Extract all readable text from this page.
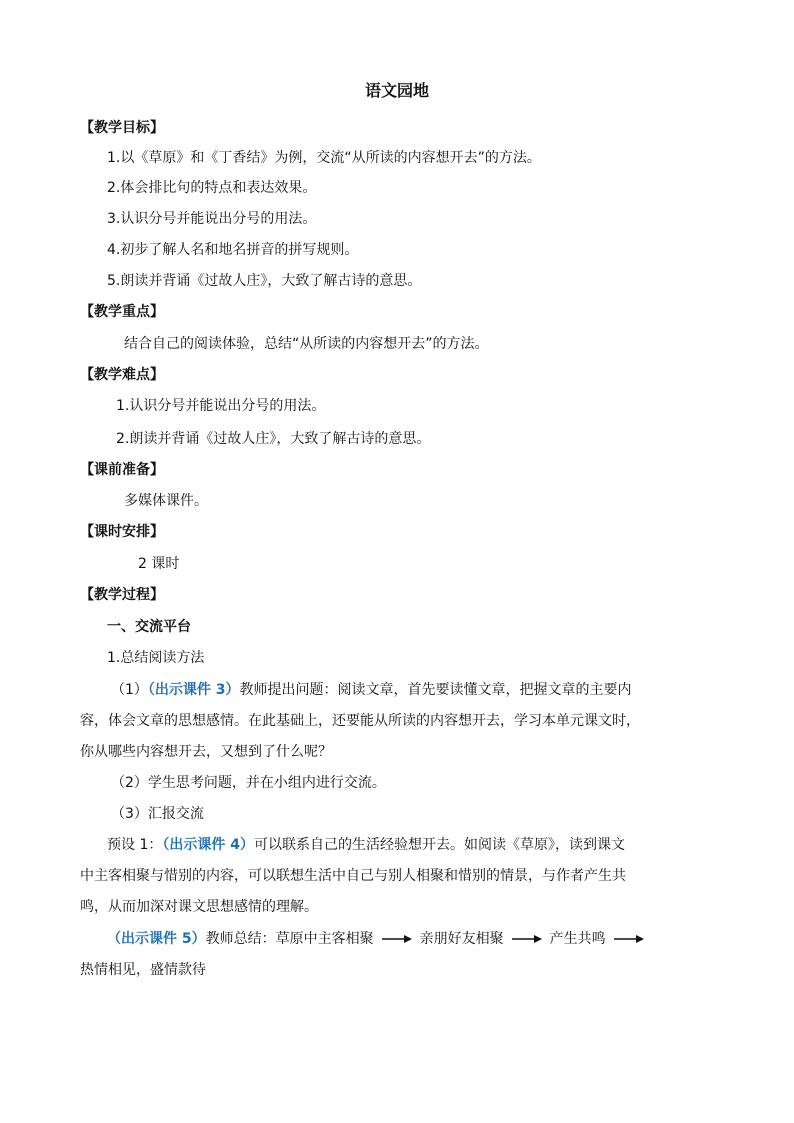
语文园地
【教学目标】
1.以《草原》和《丁香结》为例，交流“从所读的内容想开去”的方法。
2.体会排比句的特点和表达效果。
3.认识分号并能说出分号的用法。
4.初步了解人名和地名拼音的拼写规则。
5.朗读并背诵《过故人庄》，大致了解古诗的意思。
【教学重点】
结合自己的阅读体验，总结“从所读的内容想开去”的方法。
【教学难点】
1.认识分号并能说出分号的用法。
2.朗读并背诵《过故人庄》，大致了解古诗的意思。
【课前准备】
多媒体课件。
【课时安排】
2 课时
【教学过程】
一、交流平台
1.总结阅读方法
（1）（出示课件 3）教师提出问题：阅读文章，首先要读懂文章，把握文章的主要内
容，体会文章的思想感情。在此基础上，还要能从所读的内容想开去，学习本单元课文时，
你从哪些内容想开去，又想到了什么呢？
（2）学生思考问题，并在小组内进行交流。
（3）汇报交流
预设 1：（出示课件 4）可以联系自己的生活经验想开去。如阅读《草原》，读到课文
中主客相聚与惜别的内容，可以联想生活中自己与别人相聚和惜别的情景，与作者产生共
鸣，从而加深对课文思想感情的理解。
（出示课件 5）教师总结：草原中主客相聚	亲朋好友相聚	产生共鸣
热情相见，盛情款待
